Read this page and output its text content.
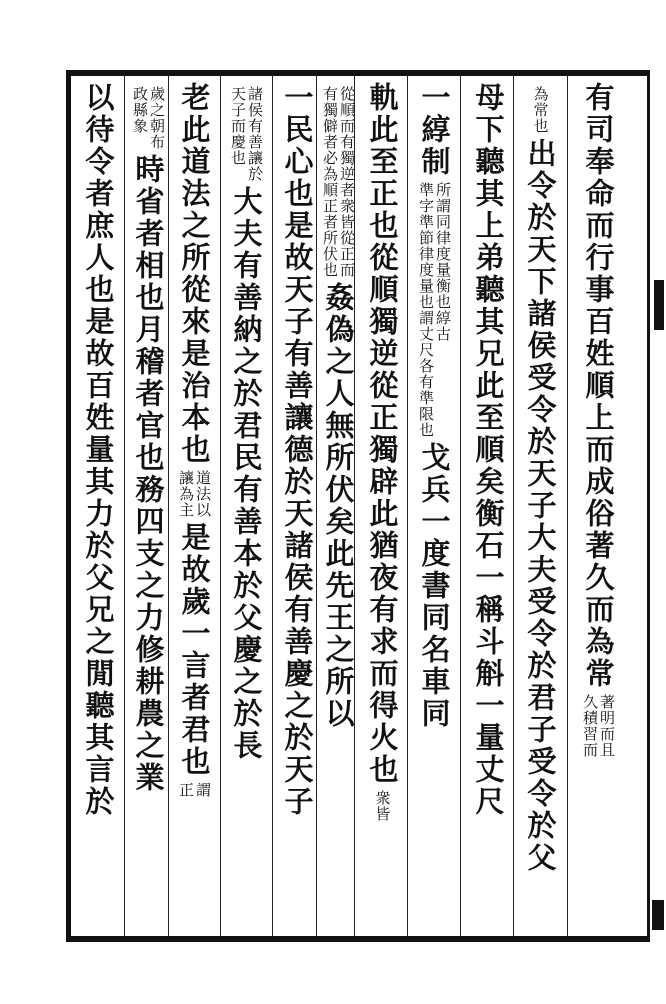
有司奉命而行事百姓順上而成俗著久而為常
著明而且
久積習而
為常也
出令於天下諸侯受令於天子大夫受令於君子受令於父
母下聽其上弟聽其兄此至順矣衡石一稱斗斛一量丈尺
一綧制
所謂同律度量衡也綧古
準字準節律度量也謂丈尺各有準限也
戈兵一度書同名車同
軌此至正也從順獨逆從正獨辟此猶夜有求而得火也
衆皆
從順而有獨逆者衆皆從正而
有獨僻者必為順正者所伏也
姦偽之人無所伏矣此先王之所以
一民心也是故天子有善讓德於天諸侯有善慶之於天子
諸侯有善讓於
天子而慶也
大夫有善納之於君民有善本於父慶之於長
老此道法之所從來是治本也
道法以
讓為主
是故歲一言者君也
謂
正
歲之朝布
政縣象
時省者相也月稽者官也務四支之力修耕農之業
以待令者庶人也是故百姓量其力於父兄之閒聽其言於
